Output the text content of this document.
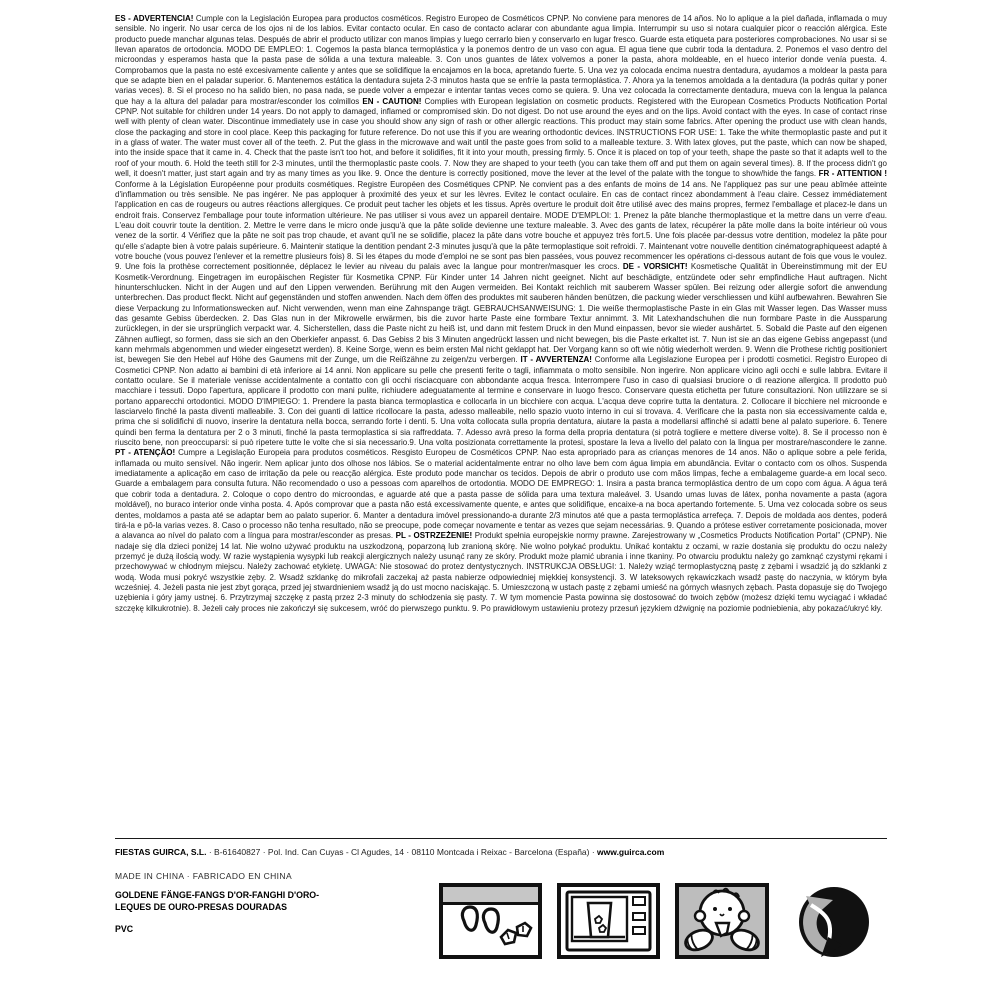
ES - ADVERTENCIA! Cumple con la Legislación Europea para productos cosméticos. Registro Europeo de Cosméticos CPNP. No conviene para menores de 14 años. No lo aplique a la piel dañada, inflamada o muy sensible. No ingerir. No usar cerca de los ojos ni de los labios. Evitar contacto ocular. En caso de contacto aclarar con abundante agua limpia. Interrumpir su uso si notara cualquier picor o reacción alérgica. Este producto puede manchar algunas telas. Después de abrir el producto utilizar con manos limpias y luego cerrarlo bien y conservarlo en lugar fresco. Guarde esta etiqueta para posteriores comprobaciones. No usar si se llevan aparatos de ortodoncia. MODO DE EMPLEO: 1. Cogemos la pasta blanca termoplástica y la ponemos dentro de un vaso con agua. El agua tiene que cubrir toda la dentadura. 2. Ponemos el vaso dentro del microondas y esperamos hasta que la pasta pase de sólida a una textura maleable. 3. Con unos guantes de látex volvemos a poner la pasta, ahora moldeable, en el hueco interior donde venía puesta. 4. Comprobamos que la pasta no esté excesivamente caliente y antes que se solidifique la encajamos en la boca, apretando fuerte. 5. Una vez ya colocada encima nuestra dentadura, ayudamos a moldear la pasta para que se adapte bien en el paladar superior. 6. Mantenemos estática la dentadura sujeta 2-3 minutos hasta que se enfríe la pasta termoplástica. 7. Ahora ya la tenemos amoldada a la dentadura (la podrás quitar y poner varias veces). 8. Si el proceso no ha salido bien, no pasa nada, se puede volver a empezar e intentar tantas veces como se quiera. 9. Una vez colocada la correctamente dentadura, mueva con la lengua la palanca que hay a la altura del paladar para mostrar/esconder los colmillos EN - CAUTION! Complies with European legislation on cosmetic products. Registered with the European Cosmetics Products Notification Portal CPNP. Not suitable for children under 14 years. Do not apply to damaged, inflamed or compromised skin. Do not digest. Do not use around the eyes and on the lips. Avoid contact with the eyes. In case of contact rinse well with plenty of clean water. Discontinue immediately use in case you should show any sign of rash or other allergic reactions. This product may stain some fabrics. After opening the product use with clean hands, close the packaging and store in cool place. Keep this packaging for future reference. Do not use this if you are wearing orthodontic devices. INSTRUCTIONS FOR USE: 1. Take the white thermoplastic paste and put it in a glass of water. The water must cover all of the teeth. 2. Put the glass in the microwave and wait until the paste goes from solid to a malleable texture. 3. With latex gloves, put the paste, which can now be shaped, into the inside space that it came in. 4. Check that the paste isn't too hot, and before it solidifies, fit it into your mouth, pressing firmly. 5. Once it is placed on top of your teeth, shape the paste so that it adapts well to the roof of your mouth. 6. Hold the teeth still for 2-3 minutes, until the thermoplastic paste cools. 7. Now they are shaped to your teeth (you can take them off and put them on again several times). 8. If the process didn't go well, it doesn't matter, just start again and try as many times as you like. 9. Once the denture is correctly positioned, move the lever at the level of the palate with the tongue to show/hide the fangs. FR - ATTENTION ! Conforme à la Législation Européenne pour produits cosmétiques. Registre Européen des Cosmétiques CPNP. Ne convient pas a des enfants de moins de 14 ans. Ne l'appliquez pas sur une peau abîmée atteinte d'inflammation ou très sensible. Ne pas ingérer. Ne pas apploquer à proximité des yeux et sur les lèvres. Evitez le contact oculaire. En cas de contact rincez abondamment à l'eau claire. Cessez immédiatement l'application en cas de rougeurs ou autres réactions allergiques. Ce produit peut tacher les objets et les tissus. Après overture le produit doit être utilisé avec des mains propres, fermez l'emballage et placez-le dans un endroit frais. Conservez l'emballage pour toute information ultérieure. Ne pas utiliser si vous avez un appareil dentaire. MODE D'EMPLOI: 1. Prenez la pâte blanche thermoplastique et la mettre dans un verre d'eau. L'eau doit couvrir toute la dentition. 2. Mettre le verre dans le micro onde jusqu'à que la pâte solide devienne une texture maleable. 3. Avec des gants de latex, récupérer la pâte molle dans la boite intérieur où vous venez de la sortir. 4 Vérifiez que la pâte ne soit pas trop chaude, et avant qu'il ne se solidifie, placez la pâte dans votre bouche et appuyez très fort.5. Une fois placée par-dessus votre dentition, modelez la pâte pour qu'elle s'adapte bien à votre palais supérieure. 6. Maintenir statique la dentition pendant 2-3 minutes jusqu'à que la pâte termoplastique soit refroidi. 7. Maintenant votre nouvelle dentition cinématographiqueest adapté à votre bouche (vous pouvez l'enlever et la remettre plusieurs fois) 8. Si les étapes du mode d'emploi ne se sont pas bien passées, vous pouvez recommencer les opérations ci-dessous autant de fois que vous le voulez. 9. Une fois la prothèse correctement positionnée, déplacez le levier au niveau du palais avec la langue pour montrer/masquer les crocs. DE - VORSICHT! Kosmetische Qualität in Übereinstimmung mit der EU Kosmetik-Verordnung. Eingetragen im europäischen Register für Kosmetika CPNP. Für Kinder unter 14 Jahren nicht geeignet. Nicht auf beschädigte, entzündete oder sehr empfindliche Haut auftragen. Nicht hinunterschlucken. Nicht in der Augen und auf den Lippen verwenden. Berührung mit den Augen vermeiden. Bei Kontakt reichlich mit sauberem Wasser spülen. Bei reizung oder allergie sofort die anwendung unterbrechen. Das product fleckt. Nicht auf gegenständen und stoffen anwenden. Nach dem öffen des produktes mit sauberen händen benützen, die packung wieder verschliessen und kühl aufbewahren. Bewahren Sie diese Verpackung zu Informationswecken auf. Nicht verwenden, wenn man eine Zahnspange trägt. GEBRAUCHSANWEISUNG: 1. Die weiße thermoplastische Paste in ein Glas mit Wasser legen. Das Wasser muss das gesamte Gebiss überdecken. 2. Das Glas nun in der Mikrowelle erwärmen, bis die zuvor harte Paste eine formbare Textur annimmt. 3. Mit Latexhandschuhen die nun formbare Paste in die Aussparung zurücklegen, in der sie ursprünglich verpackt war. 4. Sicherstellen, dass die Paste nicht zu heiß ist, und dann mit festem Druck in den Mund einpassen, bevor sie wieder aushärtet. 5. Sobald die Paste auf den eigenen Zähnen aufliegt, so formen, dass sie sich an den Oberkiefer anpasst. 6. Das Gebiss 2 bis 3 Minuten angedrückt lassen und nicht bewegen, bis die Paste erkaltet ist. 7. Nun ist sie an das eigene Gebiss angepasst (und kann mehrmals abgenommen und wieder eingesetzt werden). 8. Keine Sorge, wenn es beim ersten Mal nicht geklappt hat. Der Vorgang kann so oft wie nötig wiederholt werden. 9. Wenn die Prothese richtig positioniert ist, bewegen Sie den Hebel auf Höhe des Gaumens mit der Zunge, um die Reißzähne zu zeigen/zu verbergen. IT - AVVERTENZA! Conforme alla Legislazione Europea per i prodotti cosmetici. Registro Europeo di Cosmetici CPNP. Non adatto ai bambini di età inferiore ai 14 anni. Non applicare su pelle che presenti ferite o tagli, infiammata o molto sensibile. Non ingerire. Non applicare vicino agli occhi e sulle labbra. Evitare il contatto oculare. Se il materiale venisse accidentalmente a contatto con gli occhi risciacquare con abbondante acqua fresca. Interrompere l'uso in caso di qualsiasi bruciore o di reazione allergica. Il prodotto può macchiare i tessuti. Dopo l'apertura, applicare il prodotto con mani pulite, richiudere adeguatamente al termine e conservare in luogo fresco. Conservare questa etichetta per future consultazioni. Non utilizzare se si portano apparecchi ortodontici. MODO D'IMPIEGO: 1. Prendere la pasta bianca termoplastica e collocarla in un bicchiere con acqua. L'acqua deve coprire tutta la dentatura. 2. Collocare il bicchiere nel microonde e lasciarvelo finché la pasta diventi malleabile. 3. Con dei guanti di lattice ricollocare la pasta, adesso malleabile, nello spazio vuoto interno in cui si trovava. 4. Verificare che la pasta non sia eccessivamente calda e, prima che si solidifichi di nuovo, inserire la dentatura nella bocca, serrando forte i denti. 5. Una volta collocata sulla propria dentatura, aiutare la pasta a modellarsi affinché si adatti bene al palato superiore. 6. Tenere quindi ben ferma la dentatura per 2 o 3 minuti, finché la pasta termoplastica si sia raffreddata. 7. Adesso avrà preso la forma della propria dentatura (si potrà togliere e mettere diverse volte). 8. Se il processo non è riuscito bene, non preoccuparsi: si può ripetere tutte le volte che si sia necessario.9. Una volta posizionata correttamente la protesi, spostare la leva a livello del palato con la lingua per mostrare/nascondere le zanne. PT - ATENÇÃO! Cumpre a Legislação Europeia para produtos cosméticos. Resgisto Europeu de Cosméticos CPNP. Nao esta apropriado para as crianças menores de 14 anos. Não o aplique sobre a pele ferida, inflamada ou muito sensível. Não ingerir. Nem aplicar junto dos olhose nos lábios. Se o material acidentalmente entrar no olho lave bem com água limpia em abundância. Evitar o contacto com os olhos. Suspenda imediatamente a aplicação em caso de irritação da pele ou reacção alérgica. Este produto pode manchar os tecidos. Depois de abrir o produto use com mãos limpas, feche a embalageme guarde-a em local seco. Guarde a embalagem para consulta futura. Não recomendado o uso a pessoas com aparelhos de ortodontia. MODO DE EMPREGO: 1. Insira a pasta branca termoplástica dentro de um copo com água. A água terá que cobrir toda a dentadura. 2. Coloque o copo dentro do microondas, e aguarde até que a pasta passe de sólida para uma textura maleável. 3. Usando umas luvas de látex, ponha novamente a pasta (agora moldável), no buraco interior onde vinha posta. 4. Após comprovar que a pasta não está excessivamente quente, e antes que solidifique, encaixe-a na boca apertando fortemente. 5. Uma vez colocada sobre os seus dentes, moldamos a pasta até se adaptar bem ao palato superior. 6. Manter a dentadura imóvel pressionando-a durante 2/3 minutos até que a pasta termoplástica arrefeça. 7. Depois de moldada aos dentes, poderá tirá-la e pô-la varias vezes. 8. Caso o processo não tenha resultado, não se preocupe, pode começar novamente e tentar as vezes que sejam necessárias. 9. Quando a prótese estiver corretamente posicionada, mover a alavanca ao nível do palato com a língua para mostrar/esconder as presas. PL - OSTRZEŻENIE! Produkt spełnia europejskie normy prawne. Zarejestrowany w „Cosmetics Products Notification Portal” (CPNP). Nie nadaje się dla dzieci poniżej 14 lat. Nie wolno używać produktu na uszkodzoną, poparzoną lub zranioną skórę. Nie wolno połykać produktu. Unikać kontaktu z oczami, w razie dostania się produktu do oczu należy przemyć je dużą ilością wody. W razie wystąpienia wysypki lub reakcji alergicznych należy usunąć rany ze skóry. Produkt może plamić ubrania i inne tkaniny. Po otwarciu produktu należy go zamknąć czystymi rękami i przechowywać w chłodnym miejscu. Należy zachować etykietę. UWAGA: Nie stosować do protez dentystycznych. INSTRUKCJA OBSŁUGI: 1. Należy wziąć termoplastyczną pastę z zębami i wsadzić ją do szklanki z wodą. Woda musi pokryć wszystkie zęby. 2. Wsadź szklankę do mikrofali zaczekaj aż pasta nabierze odpowiedniej miękkiej konsystencji. 3. W lateksowych rękawiczkach wsadź pastę do naczynia, w którym była wcześniej. 4. Jeżeli pasta nie jest zbyt gorąca, przed jej stwardnieniem wsadź ją do ust mocno naciskając. 5. Umieszczoną w ustach pastę z zębami umieść na górnych własnych zębach. Pasta dopasuje się do Twojego uzębienia i góry jamy ustnej. 6. Przytrzymaj szczękę z pastą przez 2-3 minuty do schłodzenia się pasty. 7. W tym momencie Pasta powinna się dostosować do twoich zębów (możesz dzięki temu wyciągać i wkładać szczękę kilkukrotnie). 8. Jeżeli cały proces nie zakończył się sukcesem, wróć do pierwszego punktu. 9. Po prawidłowym ustawieniu protezy przesuń językiem dźwignię na poziomie podniebienia, aby pokazać/ukryć kły.
FIESTAS GUIRCA, S.L. · B-61640827 · Pol. Ind. Can Cuyas - Cl Agudes, 14 · 08110 Montcada i Reixac - Barcelona (España) · www.guirca.com
MADE IN CHINA · FABRICADO EN CHINA
GOLDENE FÄNGE-FANGS D'OR-FANGHI D'ORO-
LEQUES DE OURO-PRESAS DOURADAS
PVC
